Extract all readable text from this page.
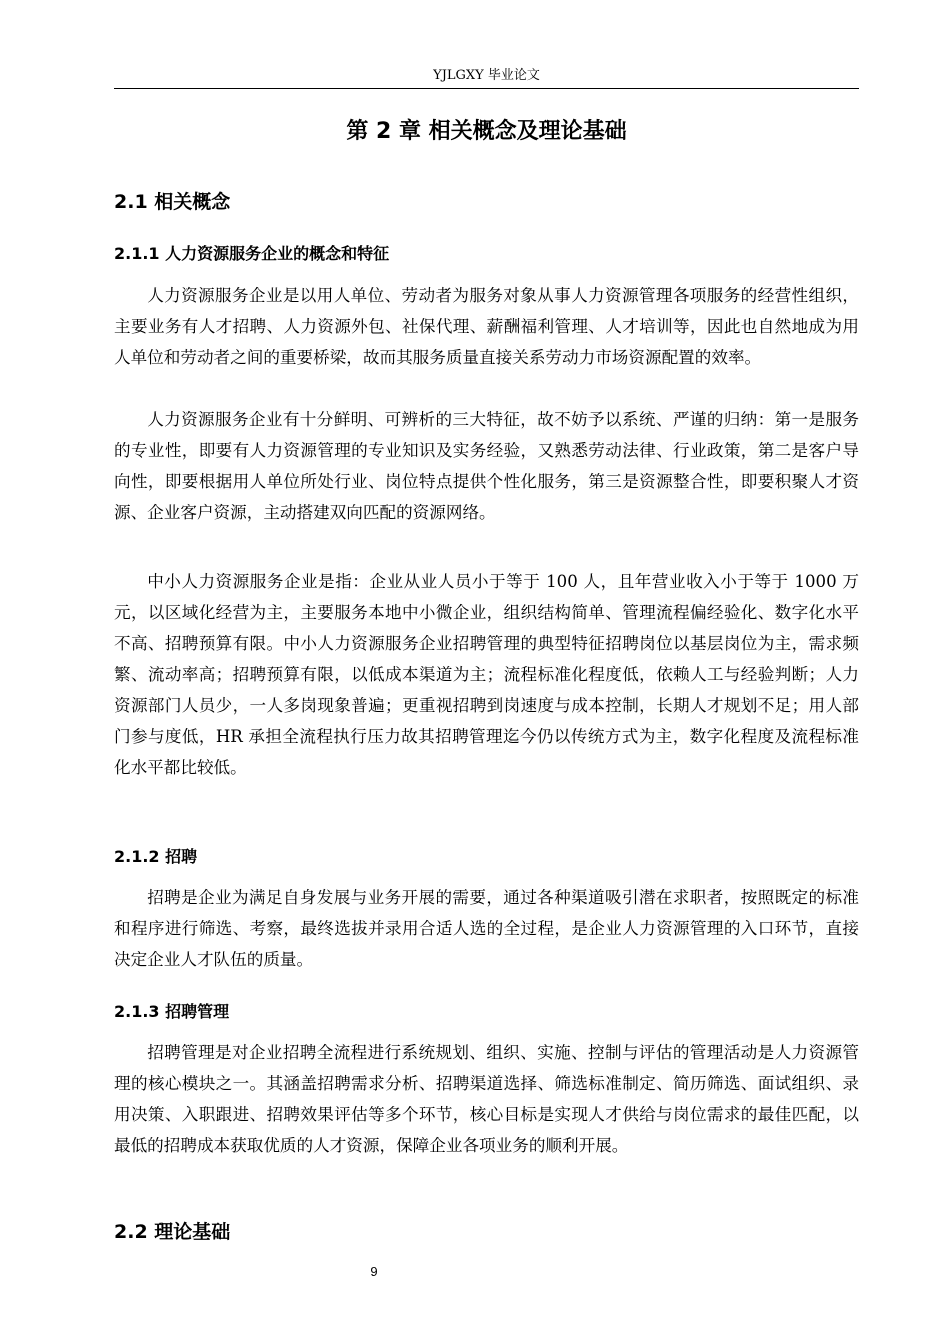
YJLGXY 毕业论文
第 2 章 相关概念及理论基础
2.1 相关概念
2.1.1 人力资源服务企业的概念和特征

人力资源服务企业是以用人单位、劳动者为服务对象从事人力资源管理各项服务的经营性组织，主要业务有人才招聘、人力资源外包、社保代理、薪酬福利管理、人才培训等，因此也自然地成为用人单位和劳动者之间的重要桥梁，故而其服务质量直接关系劳动力市场资源配置的效率。

人力资源服务企业有十分鲜明、可辨析的三大特征，故不妨予以系统、严谨的归纳：第一是服务的专业性，即要有人力资源管理的专业知识及实务经验，又熟悉劳动法律、行业政策，第二是客户导向性，即要根据用人单位所处行业、岗位特点提供个性化服务，第三是资源整合性，即要积聚人才资源、企业客户资源，主动搭建双向匹配的资源网络。

中小人力资源服务企业是指：企业从业人员小于等于 100 人，且年营业收入小于等于 1000 万元，以区域化经营为主，主要服务本地中小微企业，组织结构简单、管理流程偏经验化、数字化水平不高、招聘预算有限。中小人力资源服务企业招聘管理的典型特征招聘岗位以基层岗位为主，需求频繁、流动率高；招聘预算有限，以低成本渠道为主；流程标准化程度低，依赖人工与经验判断；人力资源部门人员少，一人多岗现象普遍；更重视招聘到岗速度与成本控制，长期人才规划不足；用人部门参与度低，HR 承担全流程执行压力故其招聘管理迄今仍以传统方式为主，数字化程度及流程标准化水平都比较低。

2.1.2 招聘

招聘是企业为满足自身发展与业务开展的需要，通过各种渠道吸引潜在求职者，按照既定的标准和程序进行筛选、考察，最终选拔并录用合适人选的全过程，是企业人力资源管理的入口环节，直接决定企业人才队伍的质量。

2.1.3 招聘管理

招聘管理是对企业招聘全流程进行系统规划、组织、实施、控制与评估的管理活动是人力资源管理的核心模块之一。其涵盖招聘需求分析、招聘渠道选择、筛选标准制定、简历筛选、面试组织、录用决策、入职跟进、招聘效果评估等多个环节，核心目标是实现人才供给与岗位需求的最佳匹配，以最低的招聘成本获取优质的人才资源，保障企业各项业务的顺利开展。

2.2 理论基础
9
